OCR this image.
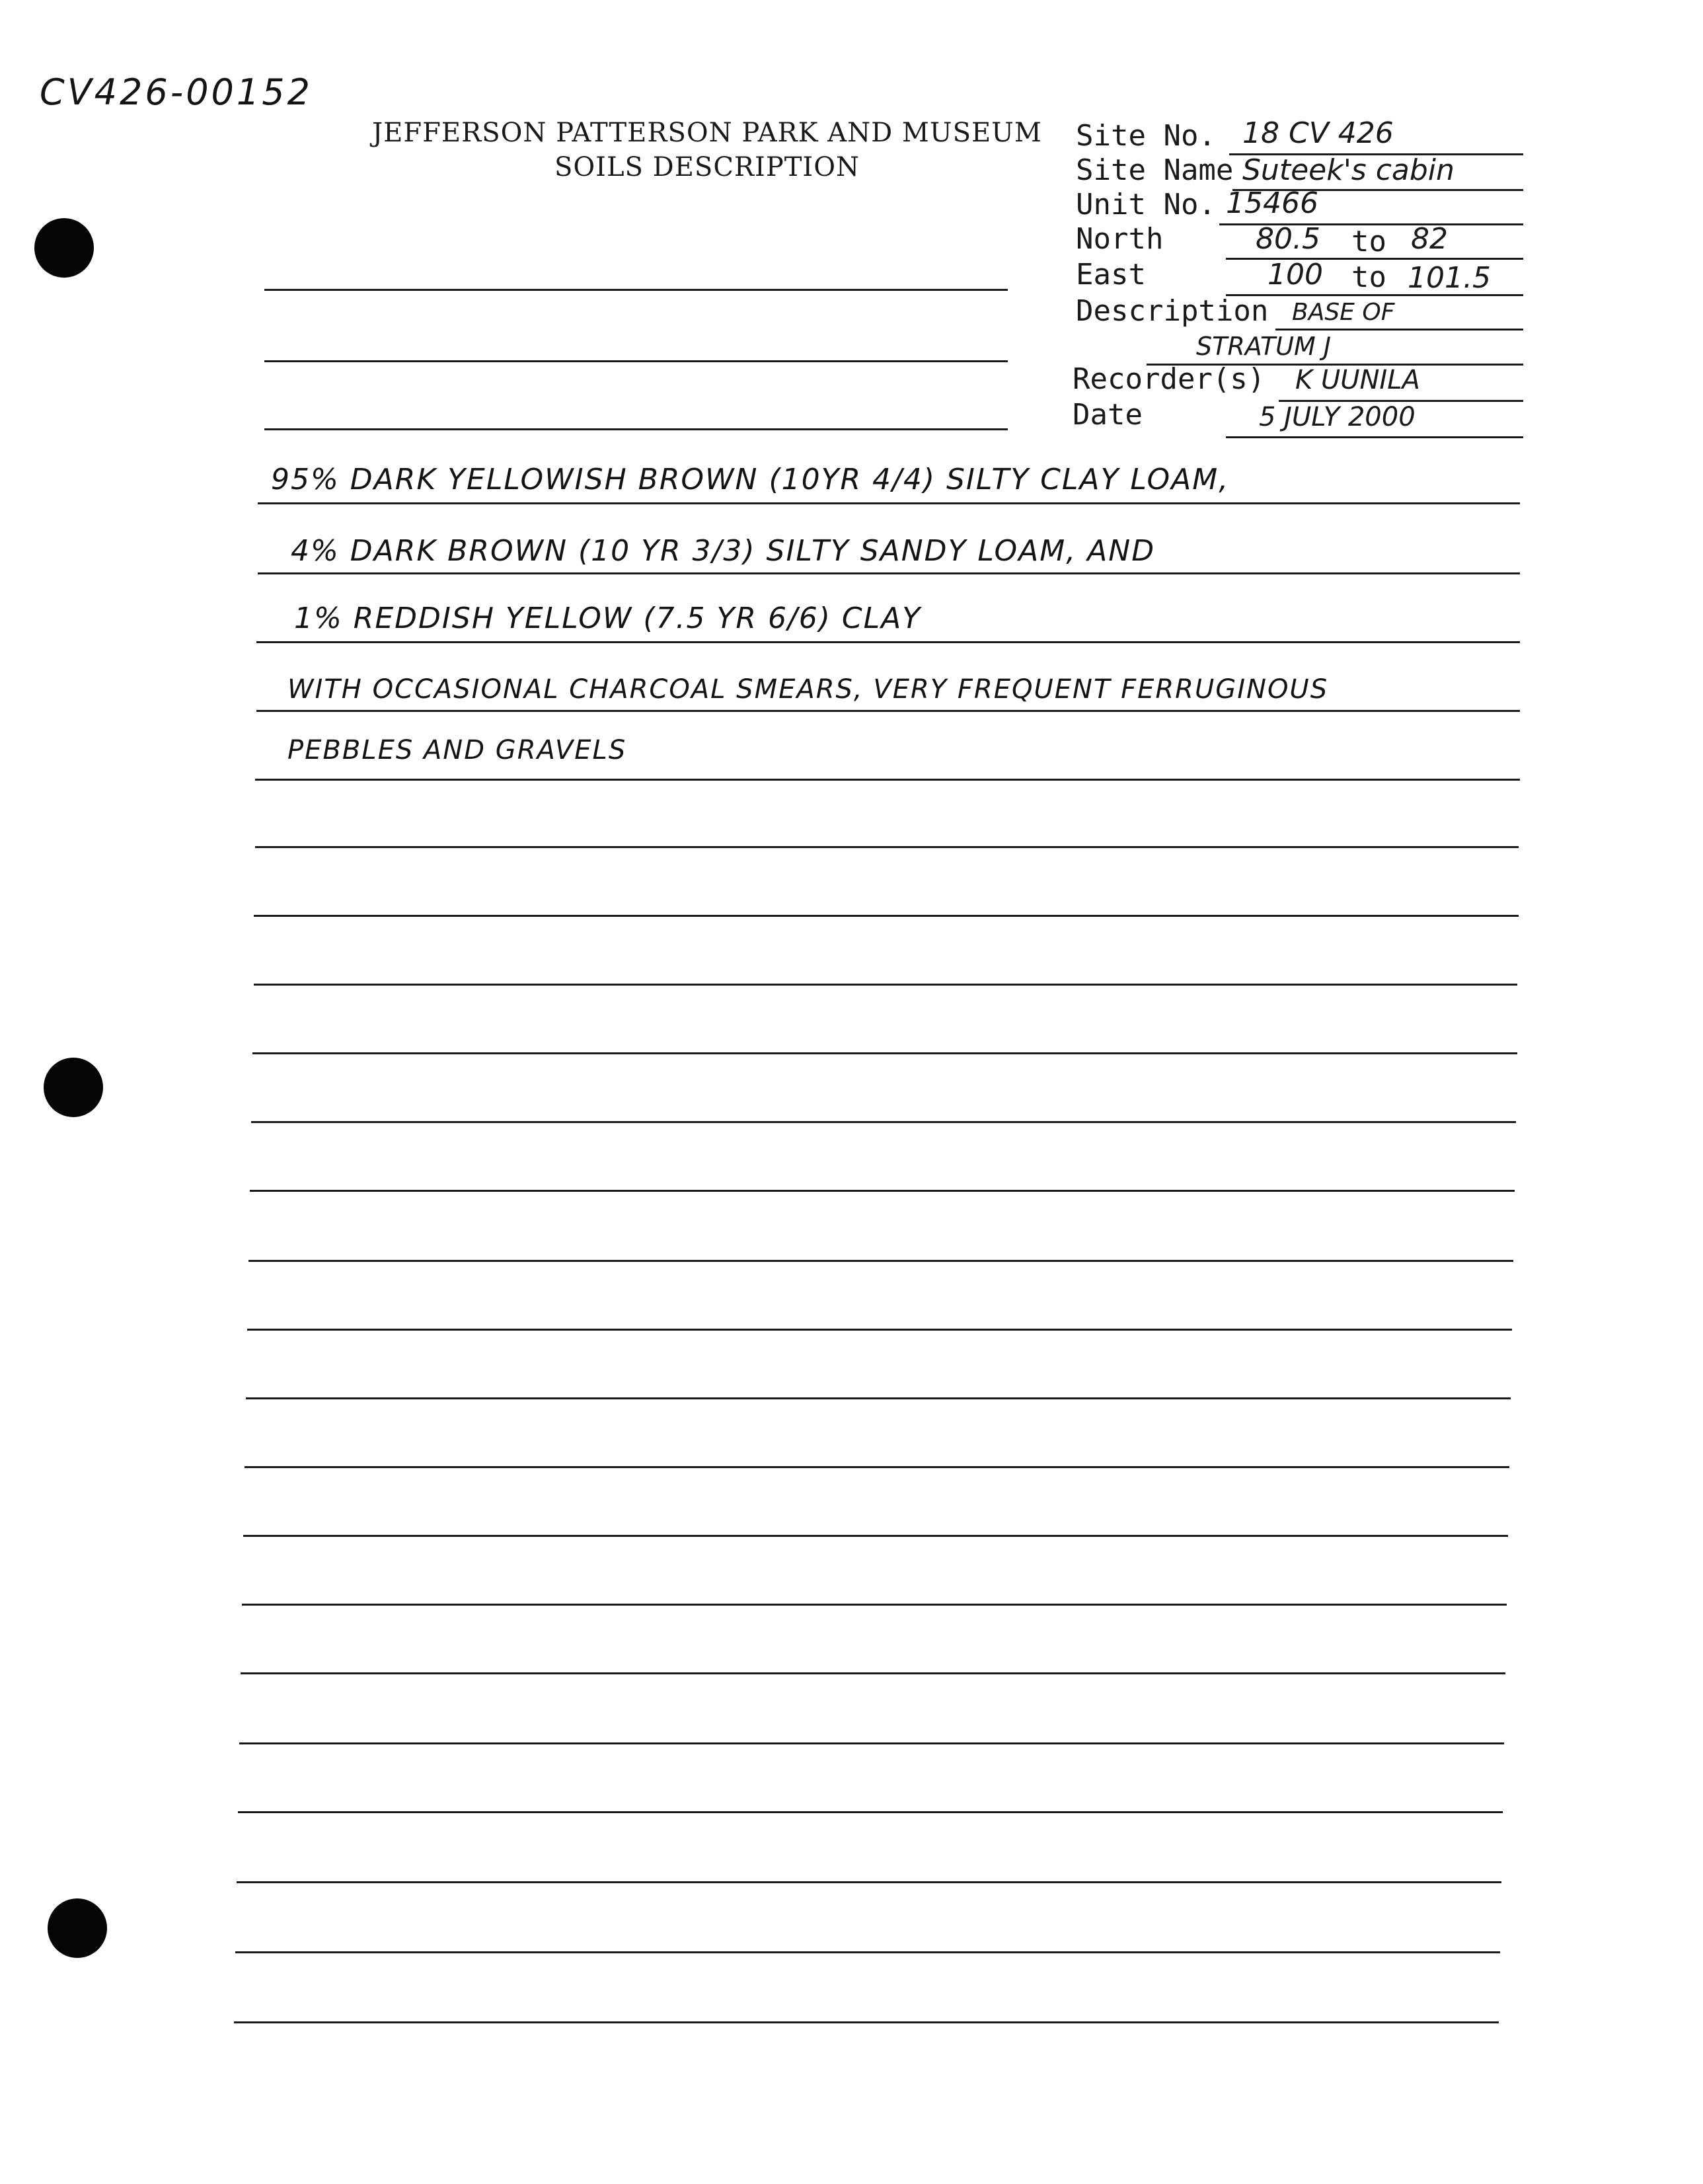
CV426-00152
JEFFERSON PATTERSON PARK AND MUSEUM
SOILS DESCRIPTION
Site No. 18 CV 426
Site Name Suteek's cabin
Unit No. 15466
North	80.5 to 82
East	100 to 101.5
Description BASE OF
STRATUM J
Recorder(s) K UUNILA
Date	5 JULY 2000
95% DARK YELLOWISH BROWN (10YR 4/4) SILTY CLAY LOAM,
4% DARK BROWN (10 YR 3/3) SILTY SANDY LOAM, AND
1% REDDISH YELLOW (7.5 YR 6/6) CLAY
WITH OCCASIONAL CHARCOAL SMEARS, VERY FREQUENT FERRUGINOUS
PEBBLES AND GRAVELS
